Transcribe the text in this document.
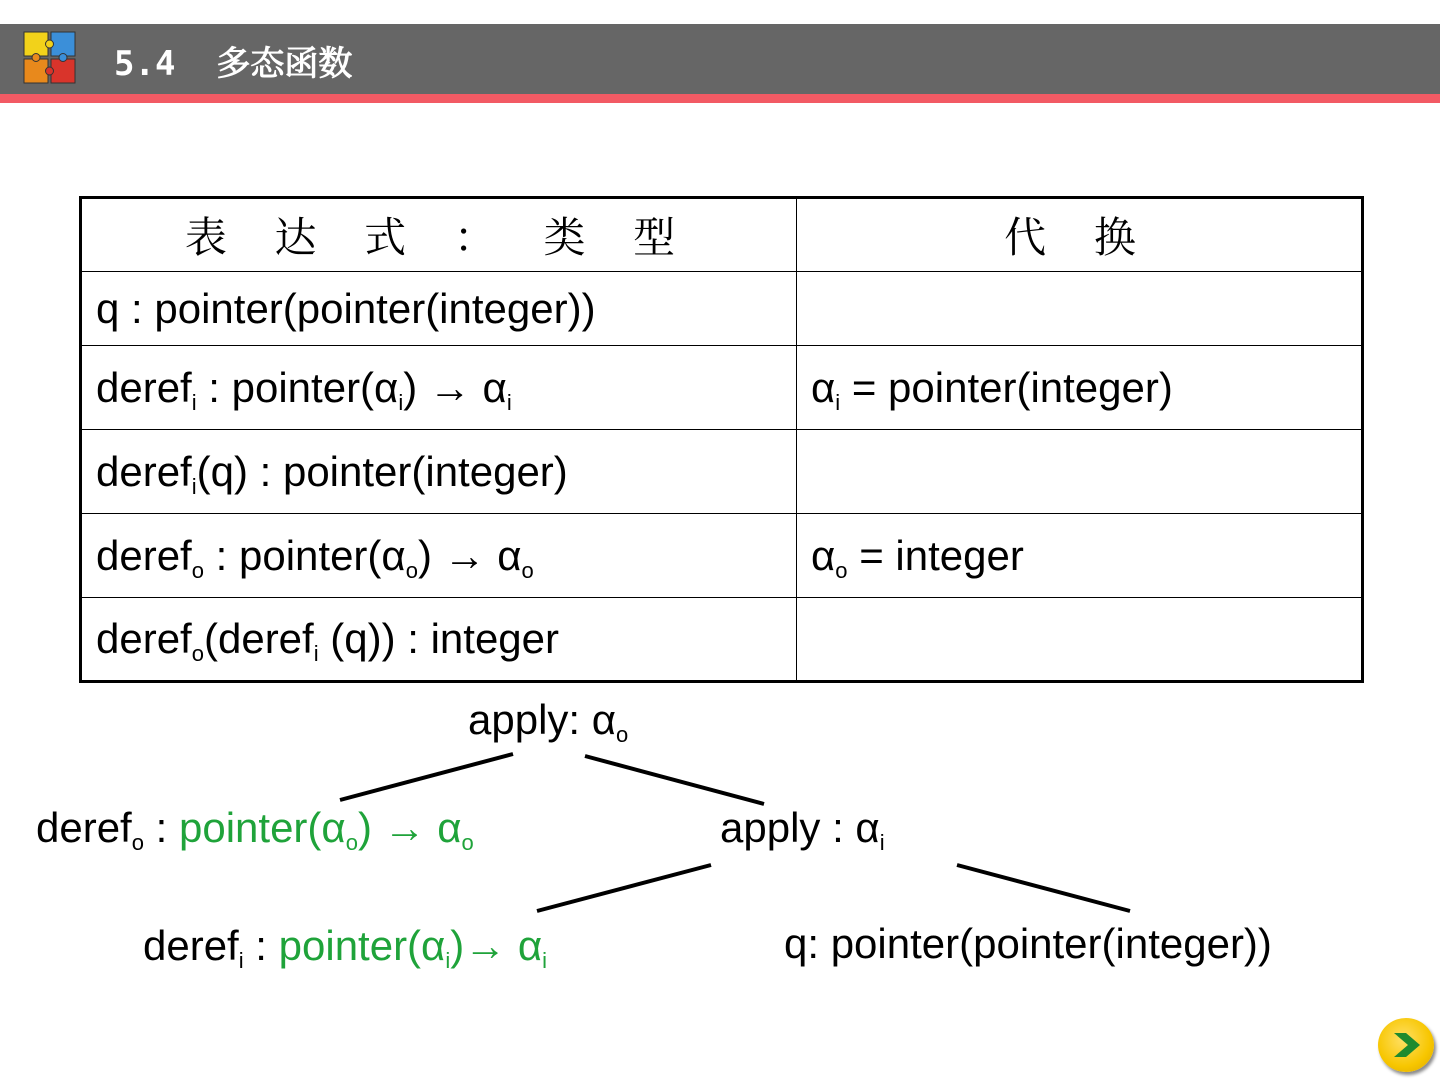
5.4  多态函数
表 达 式 ： 类 型	代 换
q : pointer(pointer(integer))	
deref$_i$ : $pointer(\alpha_i) \to \alpha_i$	$\alpha_i$ = pointer(integer)
deref$_i$(q) : pointer(integer)	
deref$_o$ : $pointer(\alpha_o) \to \alpha_o$	$\alpha_o$ = integer
deref$_o$(deref$_i$ (q)) : integer	
apply: $\alpha_o$
deref$_o$ : $pointer(\alpha_o) \to \alpha_o$	apply : $\alpha_i$
deref$_i$ : $pointer(\alpha_i)\to \alpha_i$	q: pointer(pointer(integer))
